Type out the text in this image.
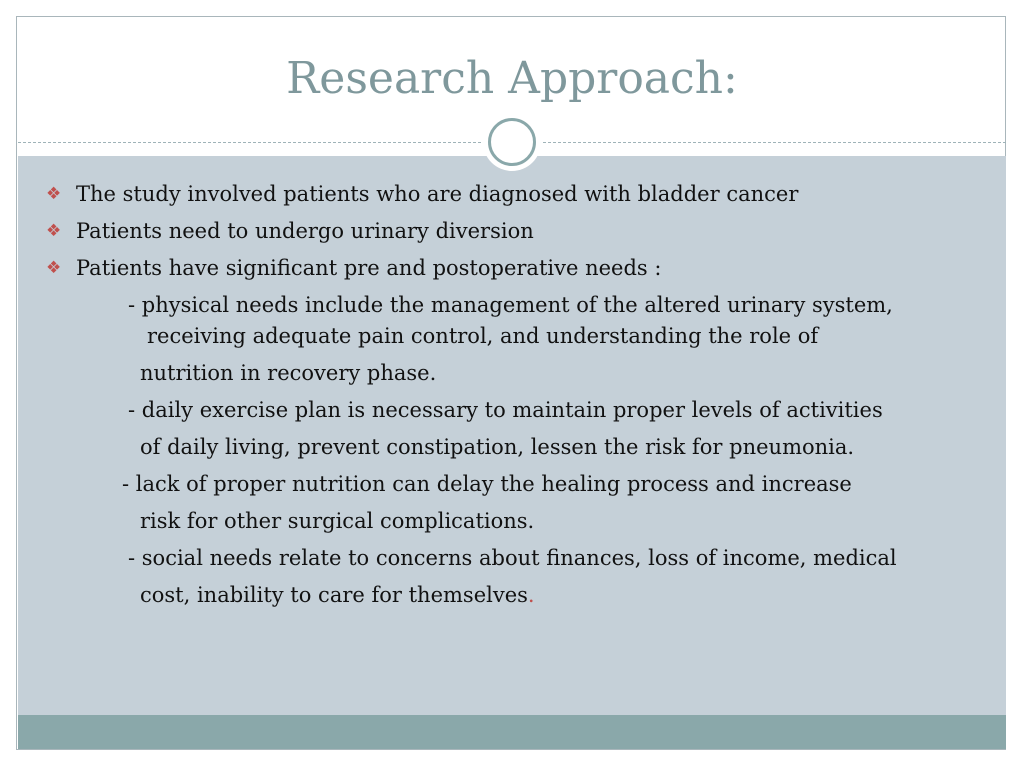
Research Approach:
❖ The study involved patients who are diagnosed with bladder cancer
❖ Patients need to undergo urinary diversion
❖ Patients have significant pre and postoperative needs :
- physical needs include the management of the altered urinary system,
receiving adequate pain control, and understanding the role of
nutrition in recovery phase.
- daily exercise plan is necessary to maintain proper levels of activities
of daily living, prevent constipation, lessen the risk for pneumonia.
- lack of proper nutrition can delay the healing process and increase
risk for other surgical complications.
- social needs relate to concerns about finances, loss of income, medical
cost, inability to care for themselves.
